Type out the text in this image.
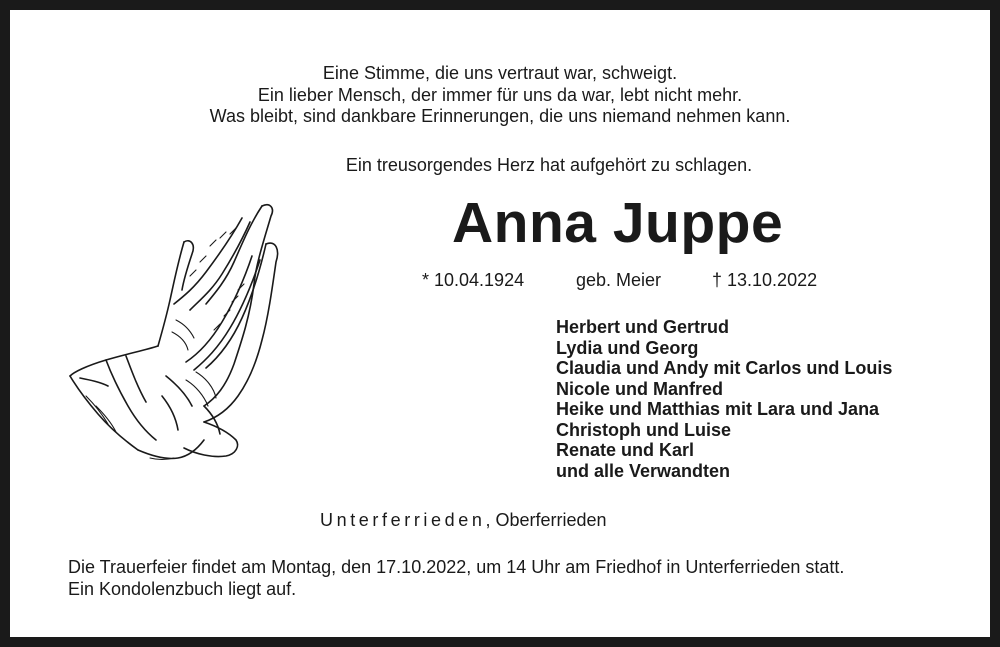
Eine Stimme, die uns vertraut war, schweigt.
Ein lieber Mensch, der immer für uns da war, lebt nicht mehr.
Was bleibt, sind dankbare Erinnerungen, die uns niemand nehmen kann.
Ein treusorgendes Herz hat aufgehört zu schlagen.
Anna Juppe
* 10.04.1924	geb. Meier	† 13.10.2022
Herbert und Gertrud
Lydia und Georg
Claudia und Andy mit Carlos und Louis
Nicole und Manfred
Heike und Matthias mit Lara und Jana
Christoph und Luise
Renate und Karl
und alle Verwandten
Unterferrieden, Oberferrieden
Die Trauerfeier findet am Montag, den 17.10.2022, um 14 Uhr am Friedhof in Unterferrieden statt.
Ein Kondolenzbuch liegt auf.
